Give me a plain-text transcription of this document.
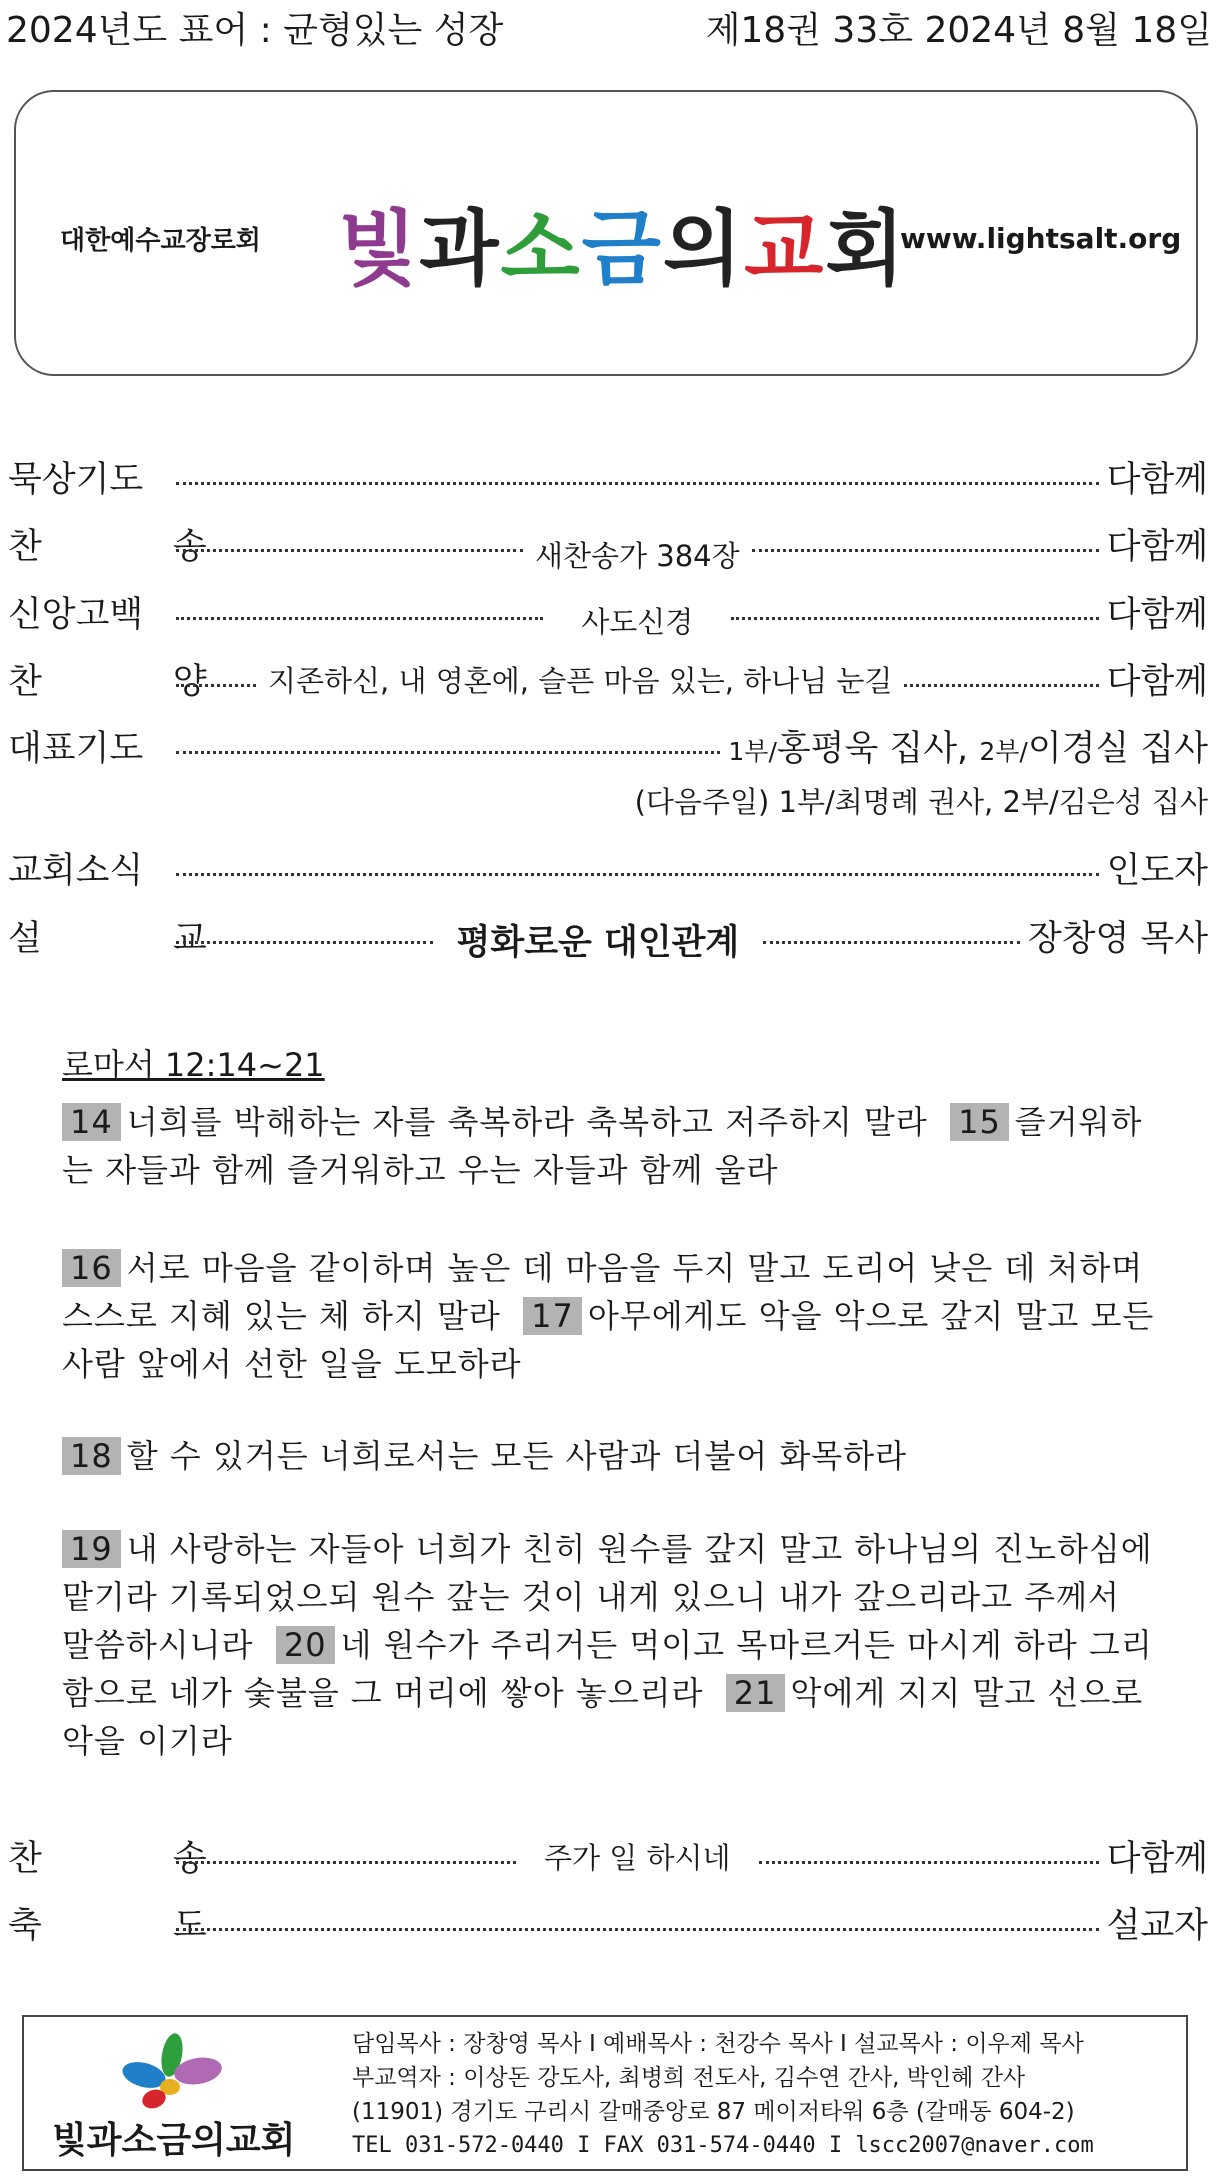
2024년도 표어 : 균형있는 성장	제18권 33호 2024년 8월 18일
대한예수교장로회 빛과소금의교회
www.lightsalt.org
묵상기도	다함께
찬 송	새찬송가 384장	다함께
신앙고백	사도신경	다함께
찬 양 지존하신, 내 영혼에, 슬픈 마음 있는, 하나님 눈길	다함께
대표기도	1부/홍평욱 집사, 2부/이경실 집사
(다음주일) 1부/최명례 권사, 2부/김은성 집사
교회소식	인도자
설 교	평화로운 대인관계	장창영 목사
로마서 12:14~21
14 너희를 박해하는 자를 축복하라 축복하고 저주하지 말라 15 즐거워하는 자들과 함께 즐거워하고 우는 자들과 함께 울라
16 서로 마음을 같이하며 높은 데 마음을 두지 말고 도리어 낮은 데 처하며 스스로 지혜 있는 체 하지 말라 17 아무에게도 악을 악으로 갚지 말고 모든 사람 앞에서 선한 일을 도모하라
18 할 수 있거든 너희로서는 모든 사람과 더불어 화목하라
19 내 사랑하는 자들아 너희가 친히 원수를 갚지 말고 하나님의 진노하심에 맡기라 기록되었으되 원수 갚는 것이 내게 있으니 내가 갚으리라고 주께서 말씀하시니라 20 네 원수가 주리거든 먹이고 목마르거든 마시게 하라 그리함으로 네가 숯불을 그 머리에 쌓아 놓으리라 21 악에게 지지 말고 선으로 악을 이기라
찬 송	주가 일 하시네	다함께
축 도	설교자
빛과소금의교회
담임목사 : 장창영 목사 I 예배목사 : 천강수 목사 I 설교목사 : 이우제 목사
부교역자 : 이상돈 강도사, 최병희 전도사, 김수연 간사, 박인혜 간사
(11901) 경기도 구리시 갈매중앙로 87 메이저타워 6층 (갈매동 604-2)
TEL 031-572-0440 I FAX 031-574-0440 I lscc2007@naver.com
